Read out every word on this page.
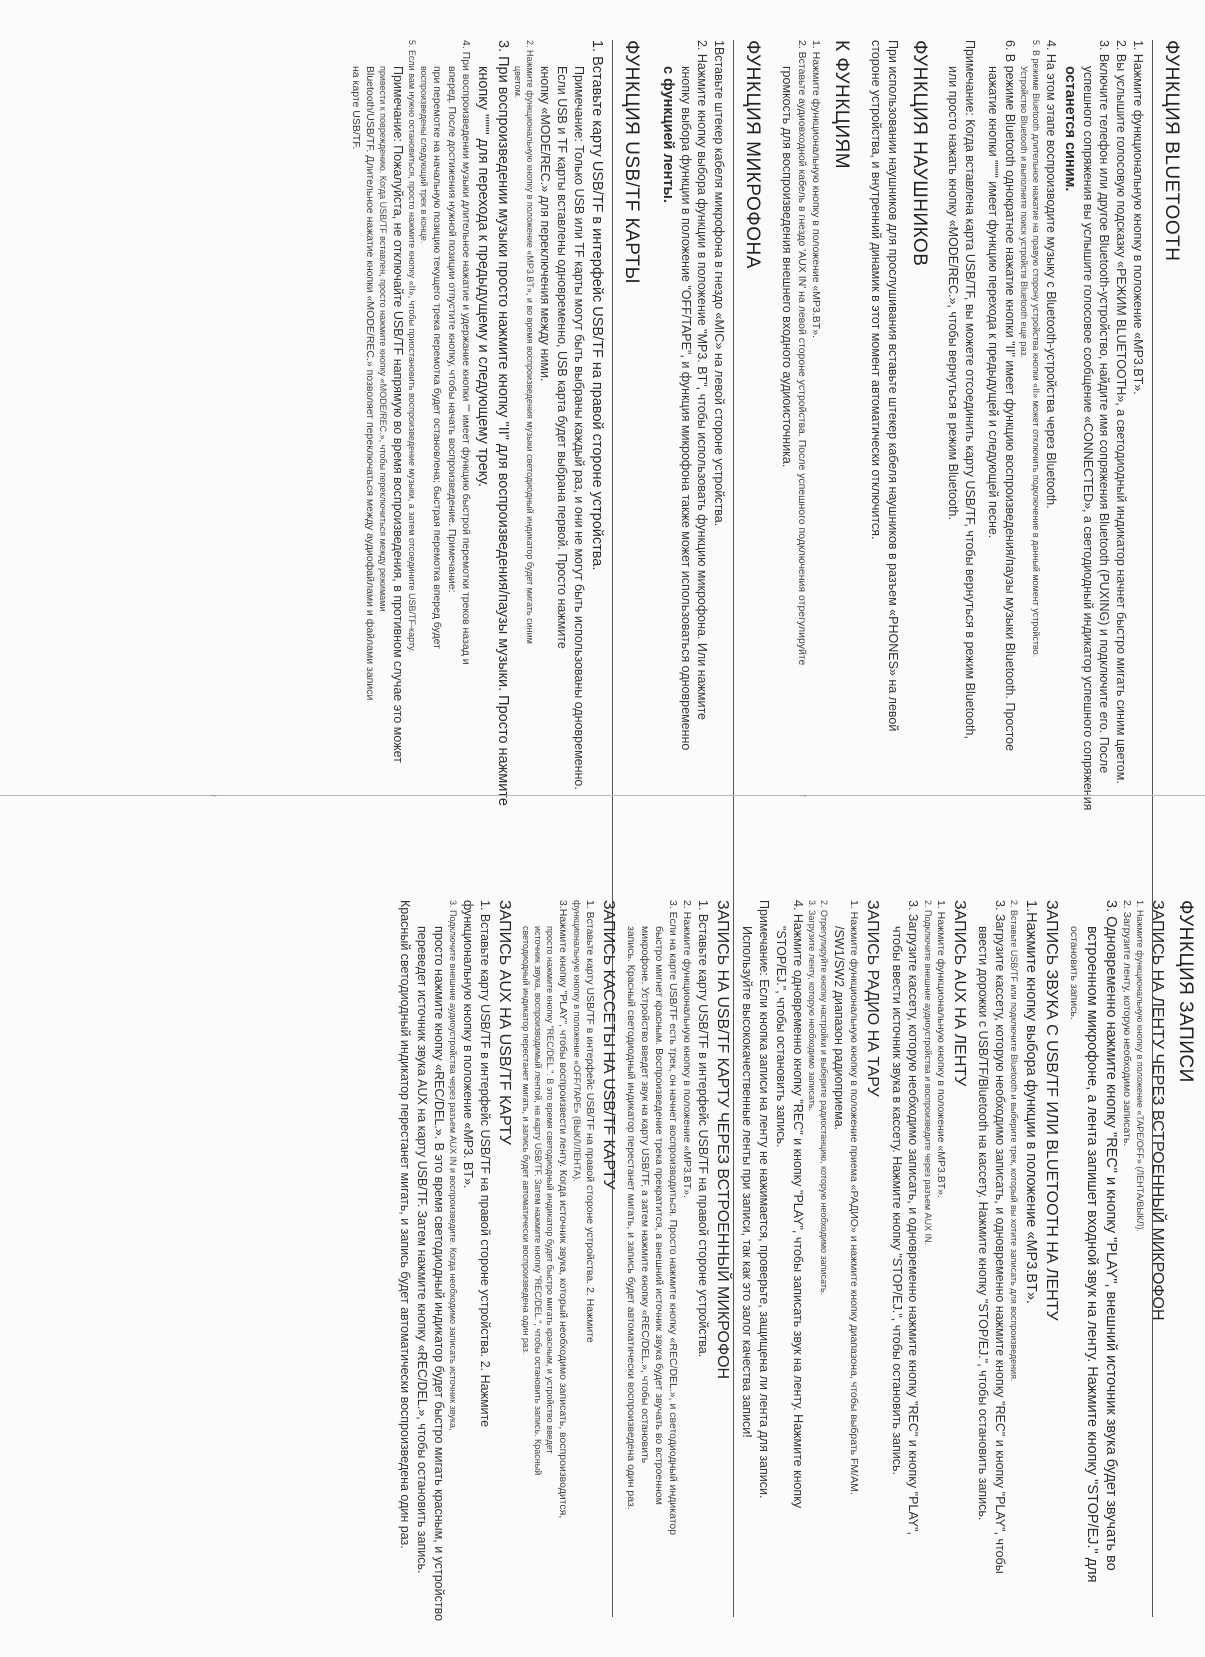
ФУНКЦИЯ BLUETOOTH

1. Нажмите функциональную кнопку в положение «MP3.BT».

2. Вы услышите голосовую подсказку «РЕЖИМ BLUETOOTH», а светодиодный индикатор начнет быстро мигать синим цветом.

3. Включите телефон или другое Bluetooth-устройство, найдите имя сопряжения Bluetooth (PUXING) и подключите его. После

успешного сопряжения вы услышите голосовое сообщение «CONNECTED», а светодиодный индикатор успешного сопряжения

останется синим.

4. На этом этапе воспроизводите музыку с Bluetooth-устройства через Bluetooth.

5. В режиме Bluetooth длительное нажатие на правую сторону устройства кнопки «II» может отключить подключение в данный момент устройство.

Устройство Bluetooth и выполните поиск устройств Bluetooth еще раз.

6. В режиме Bluetooth однократное нажатие кнопки "II" имеет функцию воспроизведения/паузы музыки Bluetooth. Простое

нажатие кнопки """" имеет функцию перехода к предыдущей и следующей песне.

Примечание: Когда вставлена карта USB/TF, вы можете отсоединить карту USB/TF, чтобы вернуться в режим Bluetooth,

или просто нажать кнопку «MODE/REC.», чтобы вернуться в режим Bluetooth.

ФУНКЦИЯ НАУШНИКОВ

При использовании наушников для прослушивания вставьте штекер кабеля наушников в разъем «PHONES» на левой

стороне устройства, и внутренний динамик в этот момент автоматически отключится.

К ФУНКЦИЯМ

1. Нажмите функциональную кнопку в положение «MP3.BT».

2. Вставьте аудиовходной кабель в гнездо 'AUX IN' на левой стороне устройства. После успешного подключения отрегулируйте

громкость для воспроизведения внешнего входного аудиоисточника.

ФУНКЦИЯ МИКРОФОНА

1Вставьте штекер кабеля микрофона в гнездо «MIC» на левой стороне устройства.

2. Нажмите кнопку выбора функции в положение "MP3. BT", чтобы использовать функцию микрофона. Или нажмите

кнопку выбора функции в положение "OFF/TAPE", и функция микрофона также может использоваться одновременно

с функцией ленты.

ФУНКЦИЯ USB/TF КАРТЫ

1. Вставьте карту USB/TF в интерфейс USB/TF на правой стороне устройства.

Примечание: Только USB или TF карты могут быть выбраны каждый раз, и они не могут быть использованы одновременно.

Если USB и TF карты вставлены одновременно, USB карта будет выбрана первой. Просто нажмите

кнопку «MODE/REC.» для переключения между ними.

2. Нажмите функциональную кнопку в положение «MP3.BT», и во время воспроизведения музыки светодиодный индикатор будет мигать синим

цветом.

3. При воспроизведении музыки просто нажмите кнопку "II" для воспроизведения/паузы музыки. Просто нажмите

кнопку """" для перехода к предыдущему и следующему треку.

4. При воспроизведении музыки длительное нажатие и удержание кнопки "" имеет функцию быстрой перемотки треков назад и

вперед. После достижения нужной позиции отпустите кнопку, чтобы начать воспроизведение. Примечание:

при перемотке на начальную позицию текущего трека перемотка будет остановлена; быстрая перемотка вперед будет

воспроизведены следующий трек в конце.

5. Если вам нужно остановиться, просто нажмите кнопку «II», чтобы приостановить воспроизведение музыки, а затем отсоедините USB/TF-карту.

Примечание: Пожалуйста, не отключайте USB/TF напрямую во время воспроизведения, в противном случае это может

привести к повреждению. Когда USB/TF вставлен, просто нажмите кнопку «MODE/REC.», чтобы переключиться между режимами

Bluetooth/USB/TF. Длительное нажатие кнопки «MODE/REC.» позволяет переключаться между аудиофайлами и файлами записи

на карте USB/TF.

~	~
ФУНКЦИЯ ЗАПИСИ
ЗАПИСЬ НА ЛЕНТУ ЧЕРЕЗ ВСТРОЕННЫЙ МИКРОФОН

1. Нажмите функциональную кнопку в положение «TAPE/OFF» (ЛЕНТА/ВЫКЛ).

2. Загрузите ленту, которую необходимо записать.

3. Одновременно нажмите кнопку "REC" и кнопку "PLAY", внешний источник звука будет звучать во

встроенном микрофоне, а лента запишет входной звук на ленту. Нажмите кнопку "STOP/EJ." для

остановить запись.

ЗАПИСЬ ЗВУКА С USB/TF ИЛИ BLUETOOTH НА ЛЕНТУ

1.Нажмите кнопку выбора функции в положение «MP3.BT».

2. Вставьте USB/TF или подключите Bluetooth и выберите трек, который вы хотите записать для воспроизведения.

3. Загрузите кассету, которую необходимо записать, и одновременно нажмите кнопку "REC" и кнопку "PLAY", чтобы

ввести дорожки с USB/TF/Bluetooth на кассету. Нажмите кнопку "STOP/EJ.", чтобы остановить запись.

ЗАПИСЬ AUX НА ЛЕНТУ

1. Нажмите функциональную кнопку в положение «MP3.BT».

2. Подключите внешние аудиоустройства и воспроизведите через разъем AUX IN.

3. Загрузите кассету, которую необходимо записать, и одновременно нажмите кнопку "REC" и кнопку "PLAY",

чтобы ввести источник звука в кассету. Нажмите кнопку "STOP/EJ.", чтобы остановить запись.

ЗАПИСЬ РАДИО НА ТАРУ

1. Нажмите функциональную кнопку в положение приема «РАДИО» и нажмите кнопку диапазона, чтобы выбрать FM/AM.

/SW1/SW2 диапазон радиоприема.

2. Отрегулируйте кнопку настройки и выберите радиостанцию, которую необходимо записать.

3. Загрузите ленту, которую необходимо записать.

4. Нажмите одновременно кнопку "REC" и кнопку "PLAY", чтобы записать звук на ленту. Нажмите кнопку

"STOP/EJ.", чтобы остановить запись.

Примечание: Если кнопка записи на ленту не нажимается, проверьте, защищена ли лента для записи.

Используйте высококачественные ленты при записи, так как это залог качества записи!

ЗАПИСЬ НА USB/TF КАРТУ ЧЕРЕЗ ВСТРОЕННЫЙ МИКРОФОН

1. Вставьте карту USB/TF в интерфейс USB/TF на правой стороне устройства.

2. Нажмите функциональную кнопку в положение «MP3.BT».

3. Если на карте USB/TF есть трек, он начнет воспроизводиться. Просто нажмите кнопку «REC/DEL.», и светодиодный индикатор

быстро мигнет красным. Воспроизведение трека прекратится, а внешний источник звука будет звучать во встроенном

микрофоне. Устройство введет звук на карту USB/TF, а затем нажмите кнопку «REC/DEL.», чтобы остановить

запись. Красный светодиодный индикатор перестанет мигать, и запись будет автоматически воспроизведена один раз.

ЗАПИСЬ КАССЕТЫ НА USB/TF КАРТУ

1. Вставьте карту USB/TF в интерфейс USB/TF на правой стороне устройства. 2. Нажмите

функциональную кнопку в положение «OFF/TAPE» (ВЫКЛ/ЛЕНТА).

3.Нажмите кнопку "PLAY", чтобы воспроизвести ленту. Когда источник звука, который необходимо записать, воспроизводится,

просто нажмите кнопку "REC/DEL.". В это время светодиодный индикатор будет быстро мигать красным, и устройство введет

источник звука, воспроизводимый лентой, на карту USB/TF. Затем нажмите кнопку "REC/DEL.", чтобы остановить запись. Красный

светодиодный индикатор перестанет мигать, и запись будет автоматически воспроизведена один раз.

ЗАПИСЬ AUX НА USB/TF КАРТУ

1. Вставьте карту USB/TF в интерфейс USB/TF на правой стороне устройства. 2. Нажмите

функциональную кнопку в положение «MP3. BT».

3. Подключите внешние аудиоустройства через разъем AUX IN и воспроизведите. Когда необходимо записать источник звука,

просто нажмите кнопку «REC/DEL.». В это время светодиодный индикатор будет быстро мигать красным, и устройство

переведет источник звука AUX на карту USB/TF. Затем нажмите кнопку «REC/DEL.», чтобы остановить запись.

Красный светодиодный индикатор перестанет мигать, и запись будет автоматически воспроизведена один раз.
